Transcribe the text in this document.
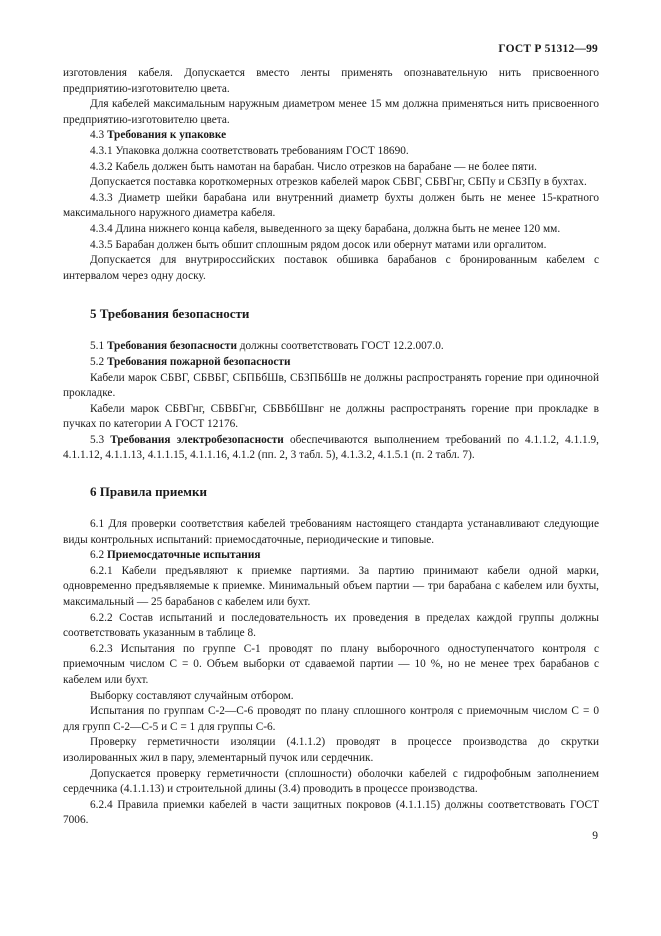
ГОСТ Р 51312—99

изготовления кабеля. Допускается вместо ленты применять опознавательную нить присвоенного предприятию-изготовителю цвета.

Для кабелей максимальным наружным диаметром менее 15 мм должна применяться нить присвоенного предприятию-изготовителю цвета.

4.3 Требования к упаковке

4.3.1 Упаковка должна соответствовать требованиям ГОСТ 18690.

4.3.2 Кабель должен быть намотан на барабан. Число отрезков на барабане — не более пяти.

Допускается поставка короткомерных отрезков кабелей марок СБВГ, СБВГнг, СБПу и СБЗПу в бухтах.

4.3.3 Диаметр шейки барабана или внутренний диаметр бухты должен быть не менее 15-кратного максимального наружного диаметра кабеля.

4.3.4 Длина нижнего конца кабеля, выведенного за щеку барабана, должна быть не менее 120 мм.

4.3.5 Барабан должен быть обшит сплошным рядом досок или обернут матами или оргалитом.

Допускается для внутрироссийских поставок обшивка барабанов с бронированным кабелем с интервалом через одну доску.

5 Требования безопасности

5.1 Требования безопасности должны соответствовать ГОСТ 12.2.007.0.

5.2 Требования пожарной безопасности

Кабели марок СБВГ, СБВБГ, СБПБбШв, СБЗПБбШв не должны распространять горение при одиночной прокладке.

Кабели марок СБВГнг, СБВБГнг, СБВБбШвнг не должны распространять горение при прокладке в пучках по категории А ГОСТ 12176.

5.3 Требования электробезопасности обеспечиваются выполнением требований по 4.1.1.2, 4.1.1.9, 4.1.1.12, 4.1.1.13, 4.1.1.15, 4.1.1.16, 4.1.2 (пп. 2, 3 табл. 5), 4.1.3.2, 4.1.5.1 (п. 2 табл. 7).

6 Правила приемки

6.1 Для проверки соответствия кабелей требованиям настоящего стандарта устанавливают следующие виды контрольных испытаний: приемосдаточные, периодические и типовые.

6.2 Приемосдаточные испытания

6.2.1 Кабели предъявляют к приемке партиями. За партию принимают кабели одной марки, одновременно предъявляемые к приемке. Минимальный объем партии — три барабана с кабелем или бухты, максимальный — 25 барабанов с кабелем или бухт.

6.2.2 Состав испытаний и последовательность их проведения в пределах каждой группы должны соответствовать указанным в таблице 8.

6.2.3 Испытания по группе С-1 проводят по плану выборочного одноступенчатого контроля с приемочным числом C = 0. Объем выборки от сдаваемой партии — 10 %, но не менее трех барабанов с кабелем или бухт.

Выборку составляют случайным отбором.

Испытания по группам С-2—С-6 проводят по плану сплошного контроля с приемочным числом C = 0 для групп С-2—С-5 и C = 1 для группы С-6.

Проверку герметичности изоляции (4.1.1.2) проводят в процессе производства до скрутки изолированных жил в пару, элементарный пучок или сердечник.

Допускается проверку герметичности (сплошности) оболочки кабелей с гидрофобным заполнением сердечника (4.1.1.13) и строительной длины (3.4) проводить в процессе производства.

6.2.4 Правила приемки кабелей в части защитных покровов (4.1.1.15) должны соответствовать ГОСТ 7006.

9
